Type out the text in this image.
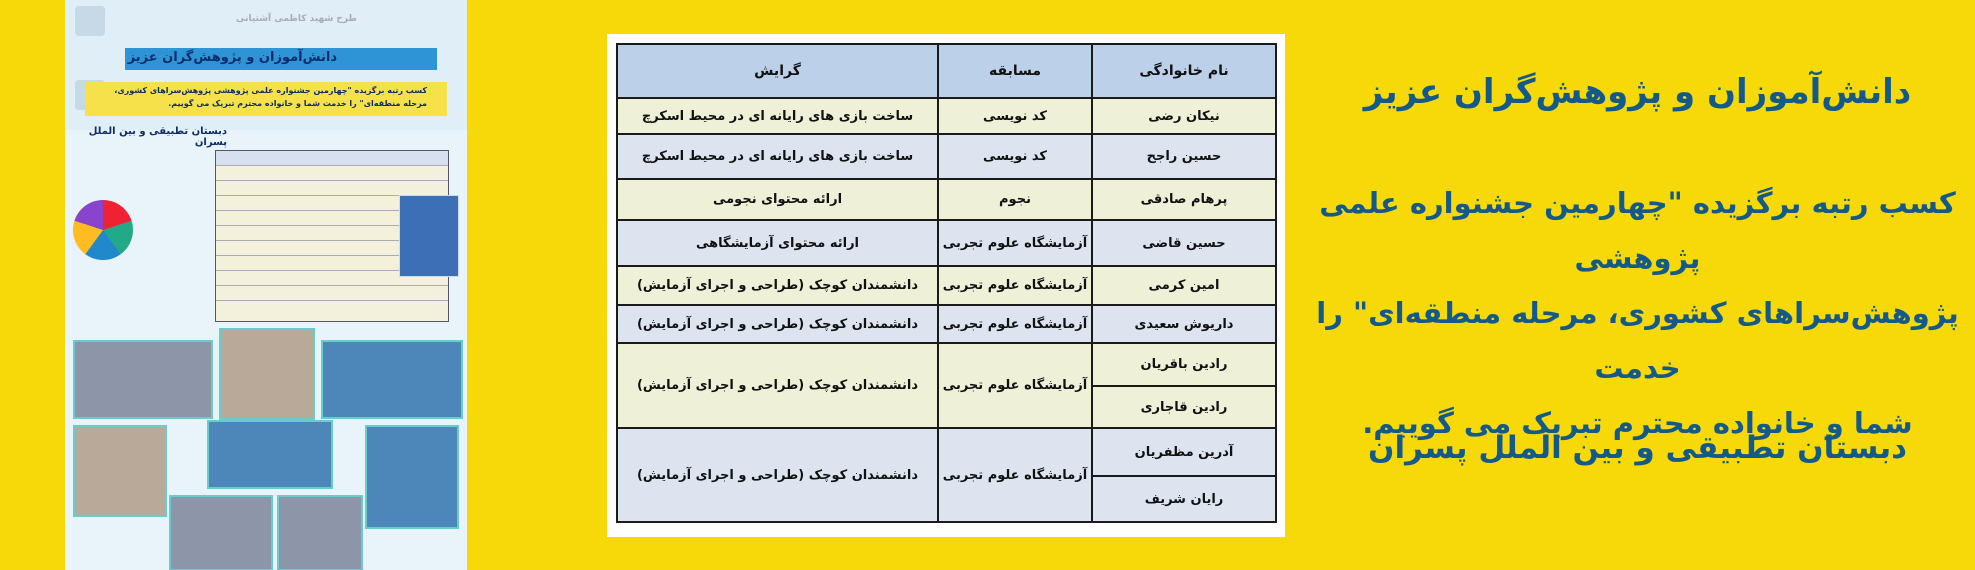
طرح شهید کاظمی آشتیانی
دانش‌آموزان و پژوهش‌گران عزیز
کسب رتبه برگزیده "چهارمین جشنواره علمی پژوهشی پژوهش‌سراهای کشوری، مرحله منطقه‌ای" را خدمت شما و خانواده محترم تبریک می گوییم.
دبستان تطبیقی و بین الملل پسران
نام خانوادگی	مسابقه	گرایش
نیکان رضی	کد نویسی	ساخت بازی های رایانه ای در محیط اسکرچ
حسین راجح	کد نویسی	ساخت بازی های رایانه ای در محیط اسکرچ
پرهام صادقی	نجوم	ارائه محتوای نجومی
حسین قاضی	آزمایشگاه علوم تجربی	ارائه محتوای آزمایشگاهی
امین کرمی	آزمایشگاه علوم تجربی	دانشمندان کوچک (طراحی و اجرای آزمایش)
داریوش سعیدی	آزمایشگاه علوم تجربی	دانشمندان کوچک (طراحی و اجرای آزمایش)
رادین باقریان	آزمایشگاه علوم تجربی	دانشمندان کوچک (طراحی و اجرای آزمایش)
رادین قاجاری		
آدرین مظفریان	آزمایشگاه علوم تجربی	دانشمندان کوچک (طراحی و اجرای آزمایش)
رایان شریف		
دانش‌آموزان و پژوهش‌گران عزیز
کسب رتبه برگزیده "چهارمین جشنواره علمی پژوهشی
پژوهش‌سراهای کشوری، مرحله منطقه‌ای" را خدمت
شما و خانواده محترم تبریک می گوییم.
دبستان تطبیقی و بین الملل پسران
